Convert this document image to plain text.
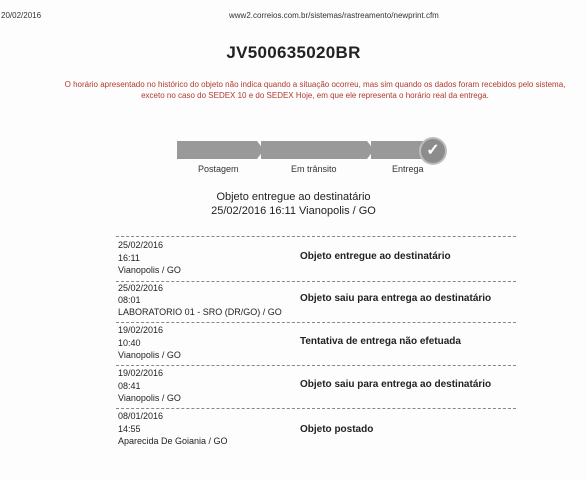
20/02/2016	www2.correios.com.br/sistemas/rastreamento/newprint.cfm
JV500635020BR
O horário apresentado no histórico do objeto não indica quando a situação ocorreu, mas sim quando os dados foram recebidos pelo sistema, exceto no caso do SEDEX 10 e do SEDEX Hoje, em que ele representa o horário real da entrega.
✓
Postagem	Em trânsito	Entrega
Objeto entregue ao destinatário
25/02/2016 16:11 Vianopolis / GO
25/02/2016
16:11
Vianopolis / GO
Objeto entregue ao destinatário
25/02/2016
08:01
LABORATORIO 01 - SRO (DR/GO) / GO
Objeto saiu para entrega ao destinatário
19/02/2016
10:40
Vianopolis / GO
Tentativa de entrega não efetuada
19/02/2016
08:41
Vianopolis / GO
Objeto saiu para entrega ao destinatário
08/01/2016
14:55
Aparecida De Goiania / GO
Objeto postado
